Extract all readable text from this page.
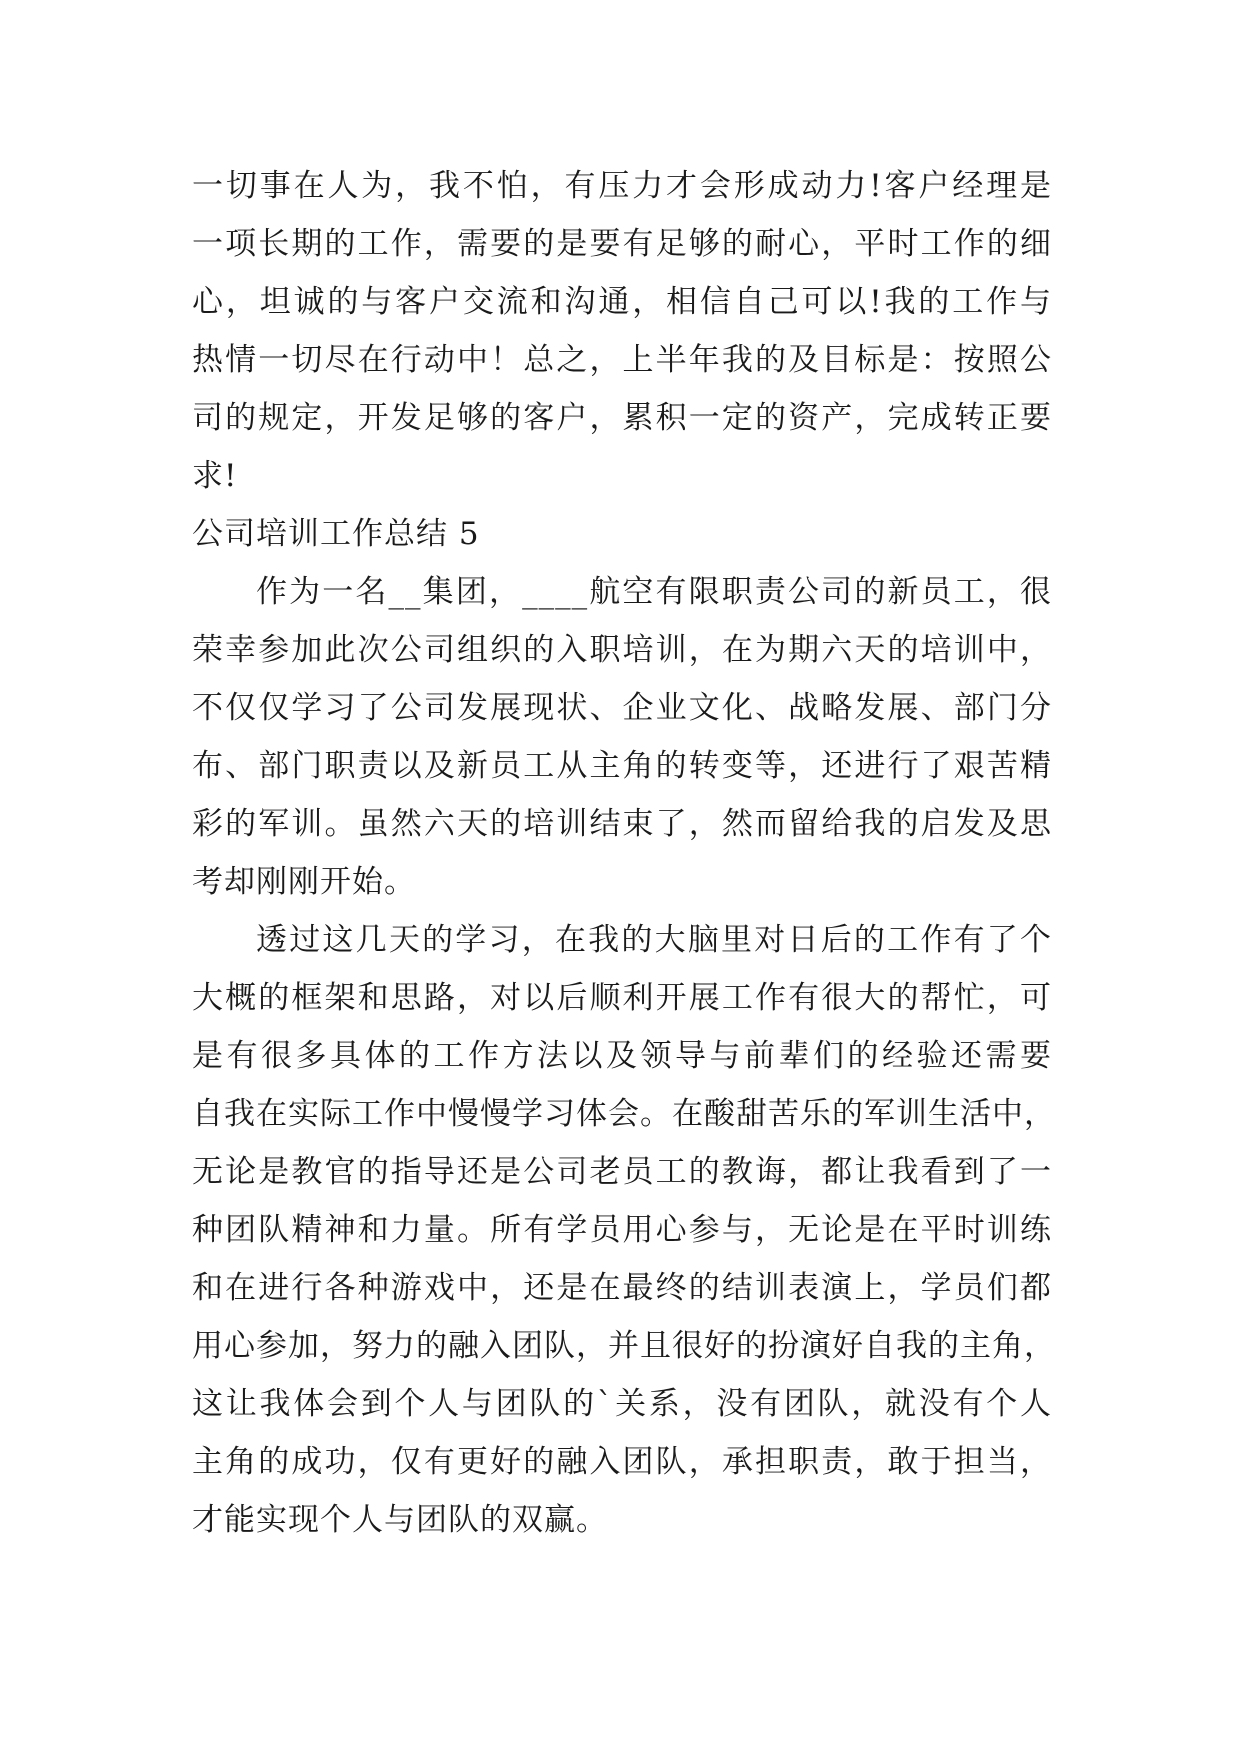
一切事在人为，我不怕，有压力才会形成动力!客户经理是
一项长期的工作，需要的是要有足够的耐心，平时工作的细
心，坦诚的与客户交流和沟通，相信自己可以!我的工作与
热情一切尽在行动中！总之，上半年我的及目标是：按照公
司的规定，开发足够的客户，累积一定的资产，完成转正要
求!
公司培训工作总结 5
作为一名__集团，____航空有限职责公司的新员工，很
荣幸参加此次公司组织的入职培训，在为期六天的培训中，
不仅仅学习了公司发展现状、企业文化、战略发展、部门分
布、部门职责以及新员工从主角的转变等，还进行了艰苦精
彩的军训。虽然六天的培训结束了，然而留给我的启发及思
考却刚刚开始。
透过这几天的学习，在我的大脑里对日后的工作有了个
大概的框架和思路，对以后顺利开展工作有很大的帮忙，可
是有很多具体的工作方法以及领导与前辈们的经验还需要
自我在实际工作中慢慢学习体会。在酸甜苦乐的军训生活中，
无论是教官的指导还是公司老员工的教诲，都让我看到了一
种团队精神和力量。所有学员用心参与，无论是在平时训练
和在进行各种游戏中，还是在最终的结训表演上，学员们都
用心参加，努力的融入团队，并且很好的扮演好自我的主角，
这让我体会到个人与团队的`关系，没有团队，就没有个人
主角的成功，仅有更好的融入团队，承担职责，敢于担当，
才能实现个人与团队的双赢。
